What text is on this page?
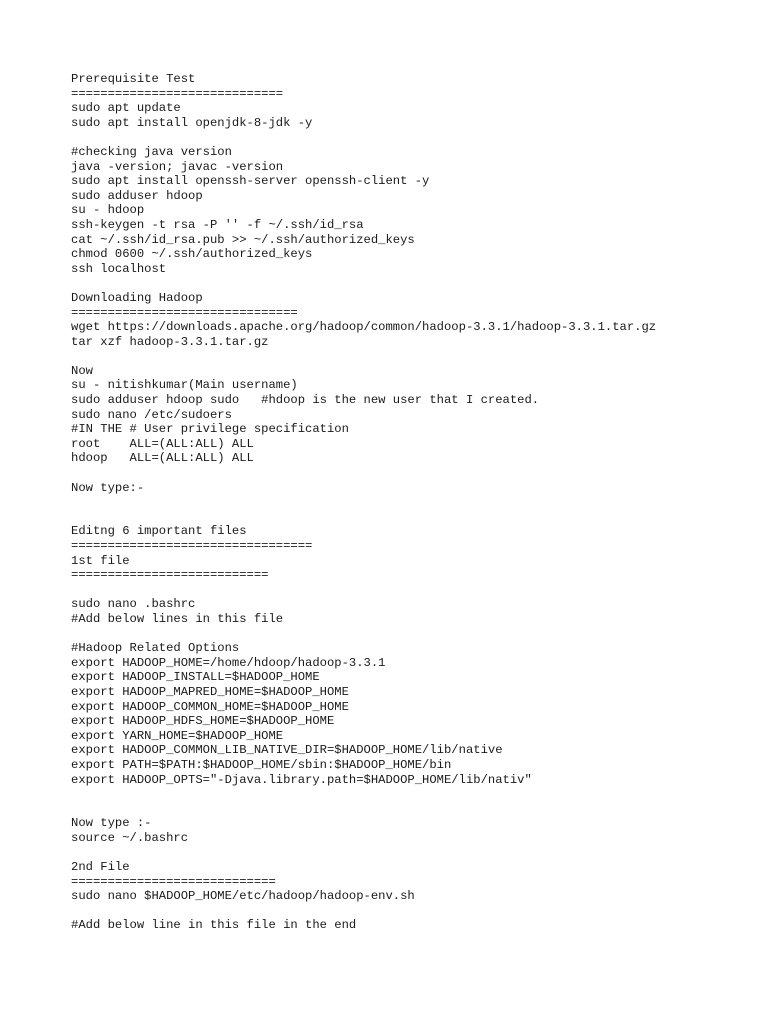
Prerequisite Test
=============================
sudo apt update
sudo apt install openjdk-8-jdk -y
#checking java version
java -version; javac -version
sudo apt install openssh-server openssh-client -y
sudo adduser hdoop
su - hdoop
ssh-keygen -t rsa -P '' -f ~/.ssh/id_rsa
cat ~/.ssh/id_rsa.pub >> ~/.ssh/authorized_keys
chmod 0600 ~/.ssh/authorized_keys
ssh localhost
Downloading Hadoop
===============================
wget https://downloads.apache.org/hadoop/common/hadoop-3.3.1/hadoop-3.3.1.tar.gz
tar xzf hadoop-3.3.1.tar.gz
Now
su - nitishkumar(Main username)
sudo adduser hdoop sudo   #hdoop is the new user that I created.
sudo nano /etc/sudoers
#IN THE # User privilege specification
root    ALL=(ALL:ALL) ALL
hdoop   ALL=(ALL:ALL) ALL
Now type:-
Editng 6 important files
=================================
1st file
===========================
sudo nano .bashrc
#Add below lines in this file
#Hadoop Related Options
export HADOOP_HOME=/home/hdoop/hadoop-3.3.1
export HADOOP_INSTALL=$HADOOP_HOME
export HADOOP_MAPRED_HOME=$HADOOP_HOME
export HADOOP_COMMON_HOME=$HADOOP_HOME
export HADOOP_HDFS_HOME=$HADOOP_HOME
export YARN_HOME=$HADOOP_HOME
export HADOOP_COMMON_LIB_NATIVE_DIR=$HADOOP_HOME/lib/native
export PATH=$PATH:$HADOOP_HOME/sbin:$HADOOP_HOME/bin
export HADOOP_OPTS="-Djava.library.path=$HADOOP_HOME/lib/nativ"
Now type :-
source ~/.bashrc
2nd File
============================
sudo nano $HADOOP_HOME/etc/hadoop/hadoop-env.sh
#Add below line in this file in the end
